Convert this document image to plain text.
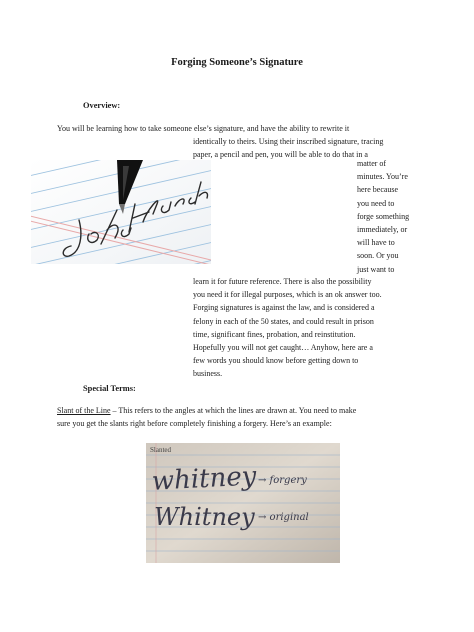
Forging Someone’s Signature
Overview:
You will be learning how to take someone else’s signature, and have the ability to rewrite it
identically to theirs. Using their inscribed signature, tracing
paper, a pencil and pen, you will be able to do that in a
matter of
minutes. You’re
here because
you need to
forge something
immediately, or
will have to
soon. Or you
just want to
learn it for future reference. There is also the possibility
you need it for illegal purposes, which is an ok answer too.
Forging signatures is against the law, and is considered a
felony in each of the 50 states, and could result in prison
time, significant fines, probation, and reinstitution.
Hopefully you will not get caught… Anyhow, here are a
few words you should know before getting down to
business.
Special Terms:
Slant of the Line – This refers to the angles at which the lines are drawn at. You need to make
sure you get the slants right before completely finishing a forgery. Here’s an example:
Slanted
whitney → forgery
Whitney → original
